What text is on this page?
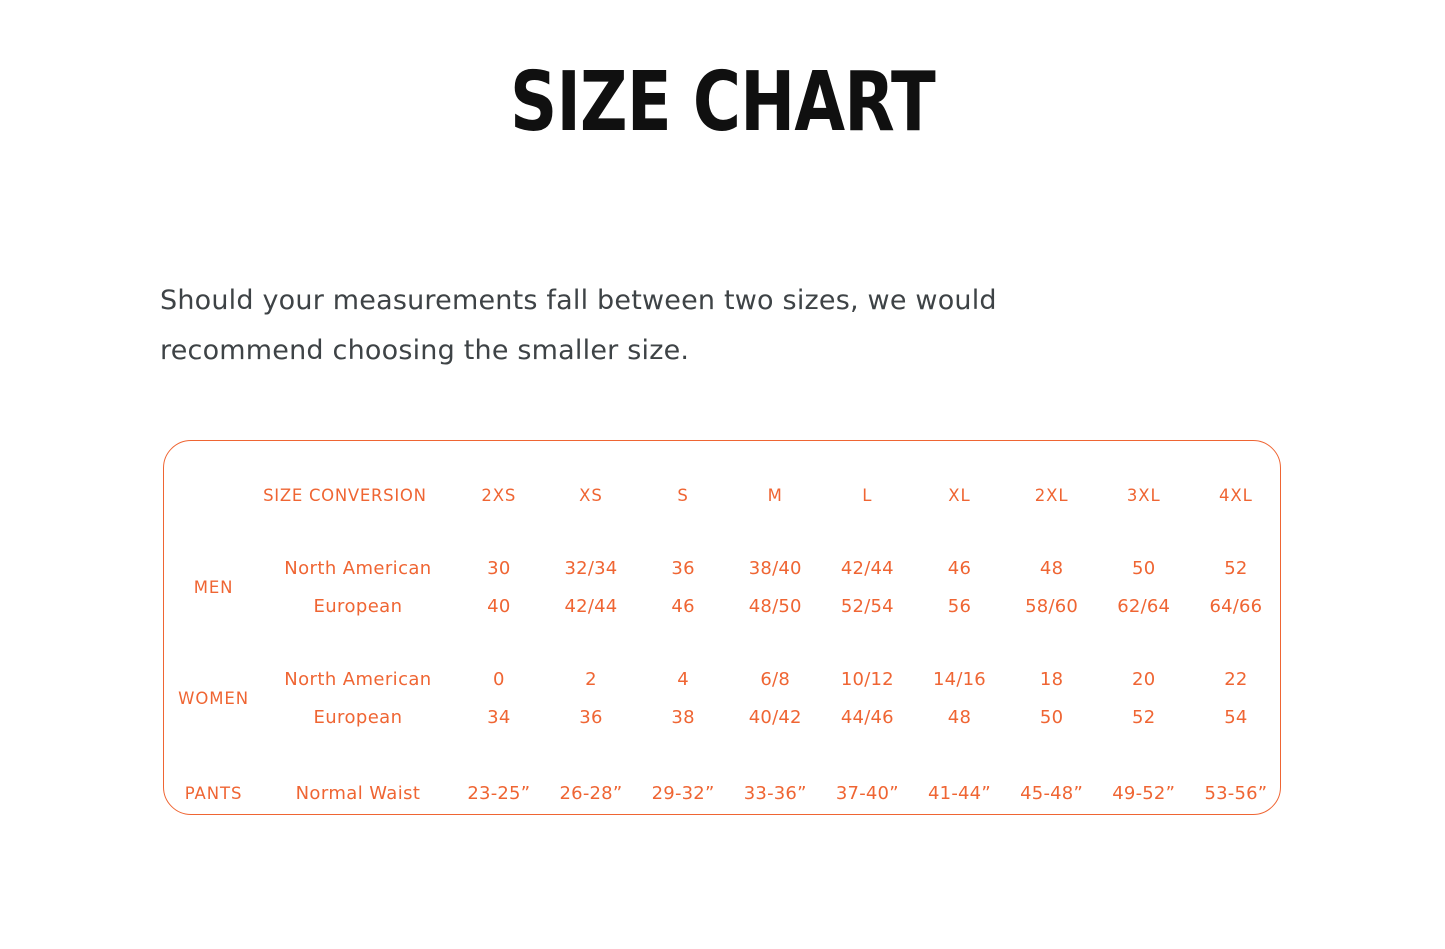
SIZE CHART
Should your measurements fall between two sizes, we would
recommend choosing the smaller size.
	SIZE CONVERSION	2XS	XS	S	M	L	XL	2XL	3XL	4XL
MEN	North American	30	32/34	36	38/40	42/44	46	48	50	52
	European	40	42/44	46	48/50	52/54	56	58/60	62/64	64/66

WOMEN	North American	0	2	4	6/8	10/12	14/16	18	20	22
	European	34	36	38	40/42	44/46	48	50	52	54

PANTS	Normal Waist	23-25”	26-28”	29-32”	33-36”	37-40”	41-44”	45-48”	49-52”	53-56”
